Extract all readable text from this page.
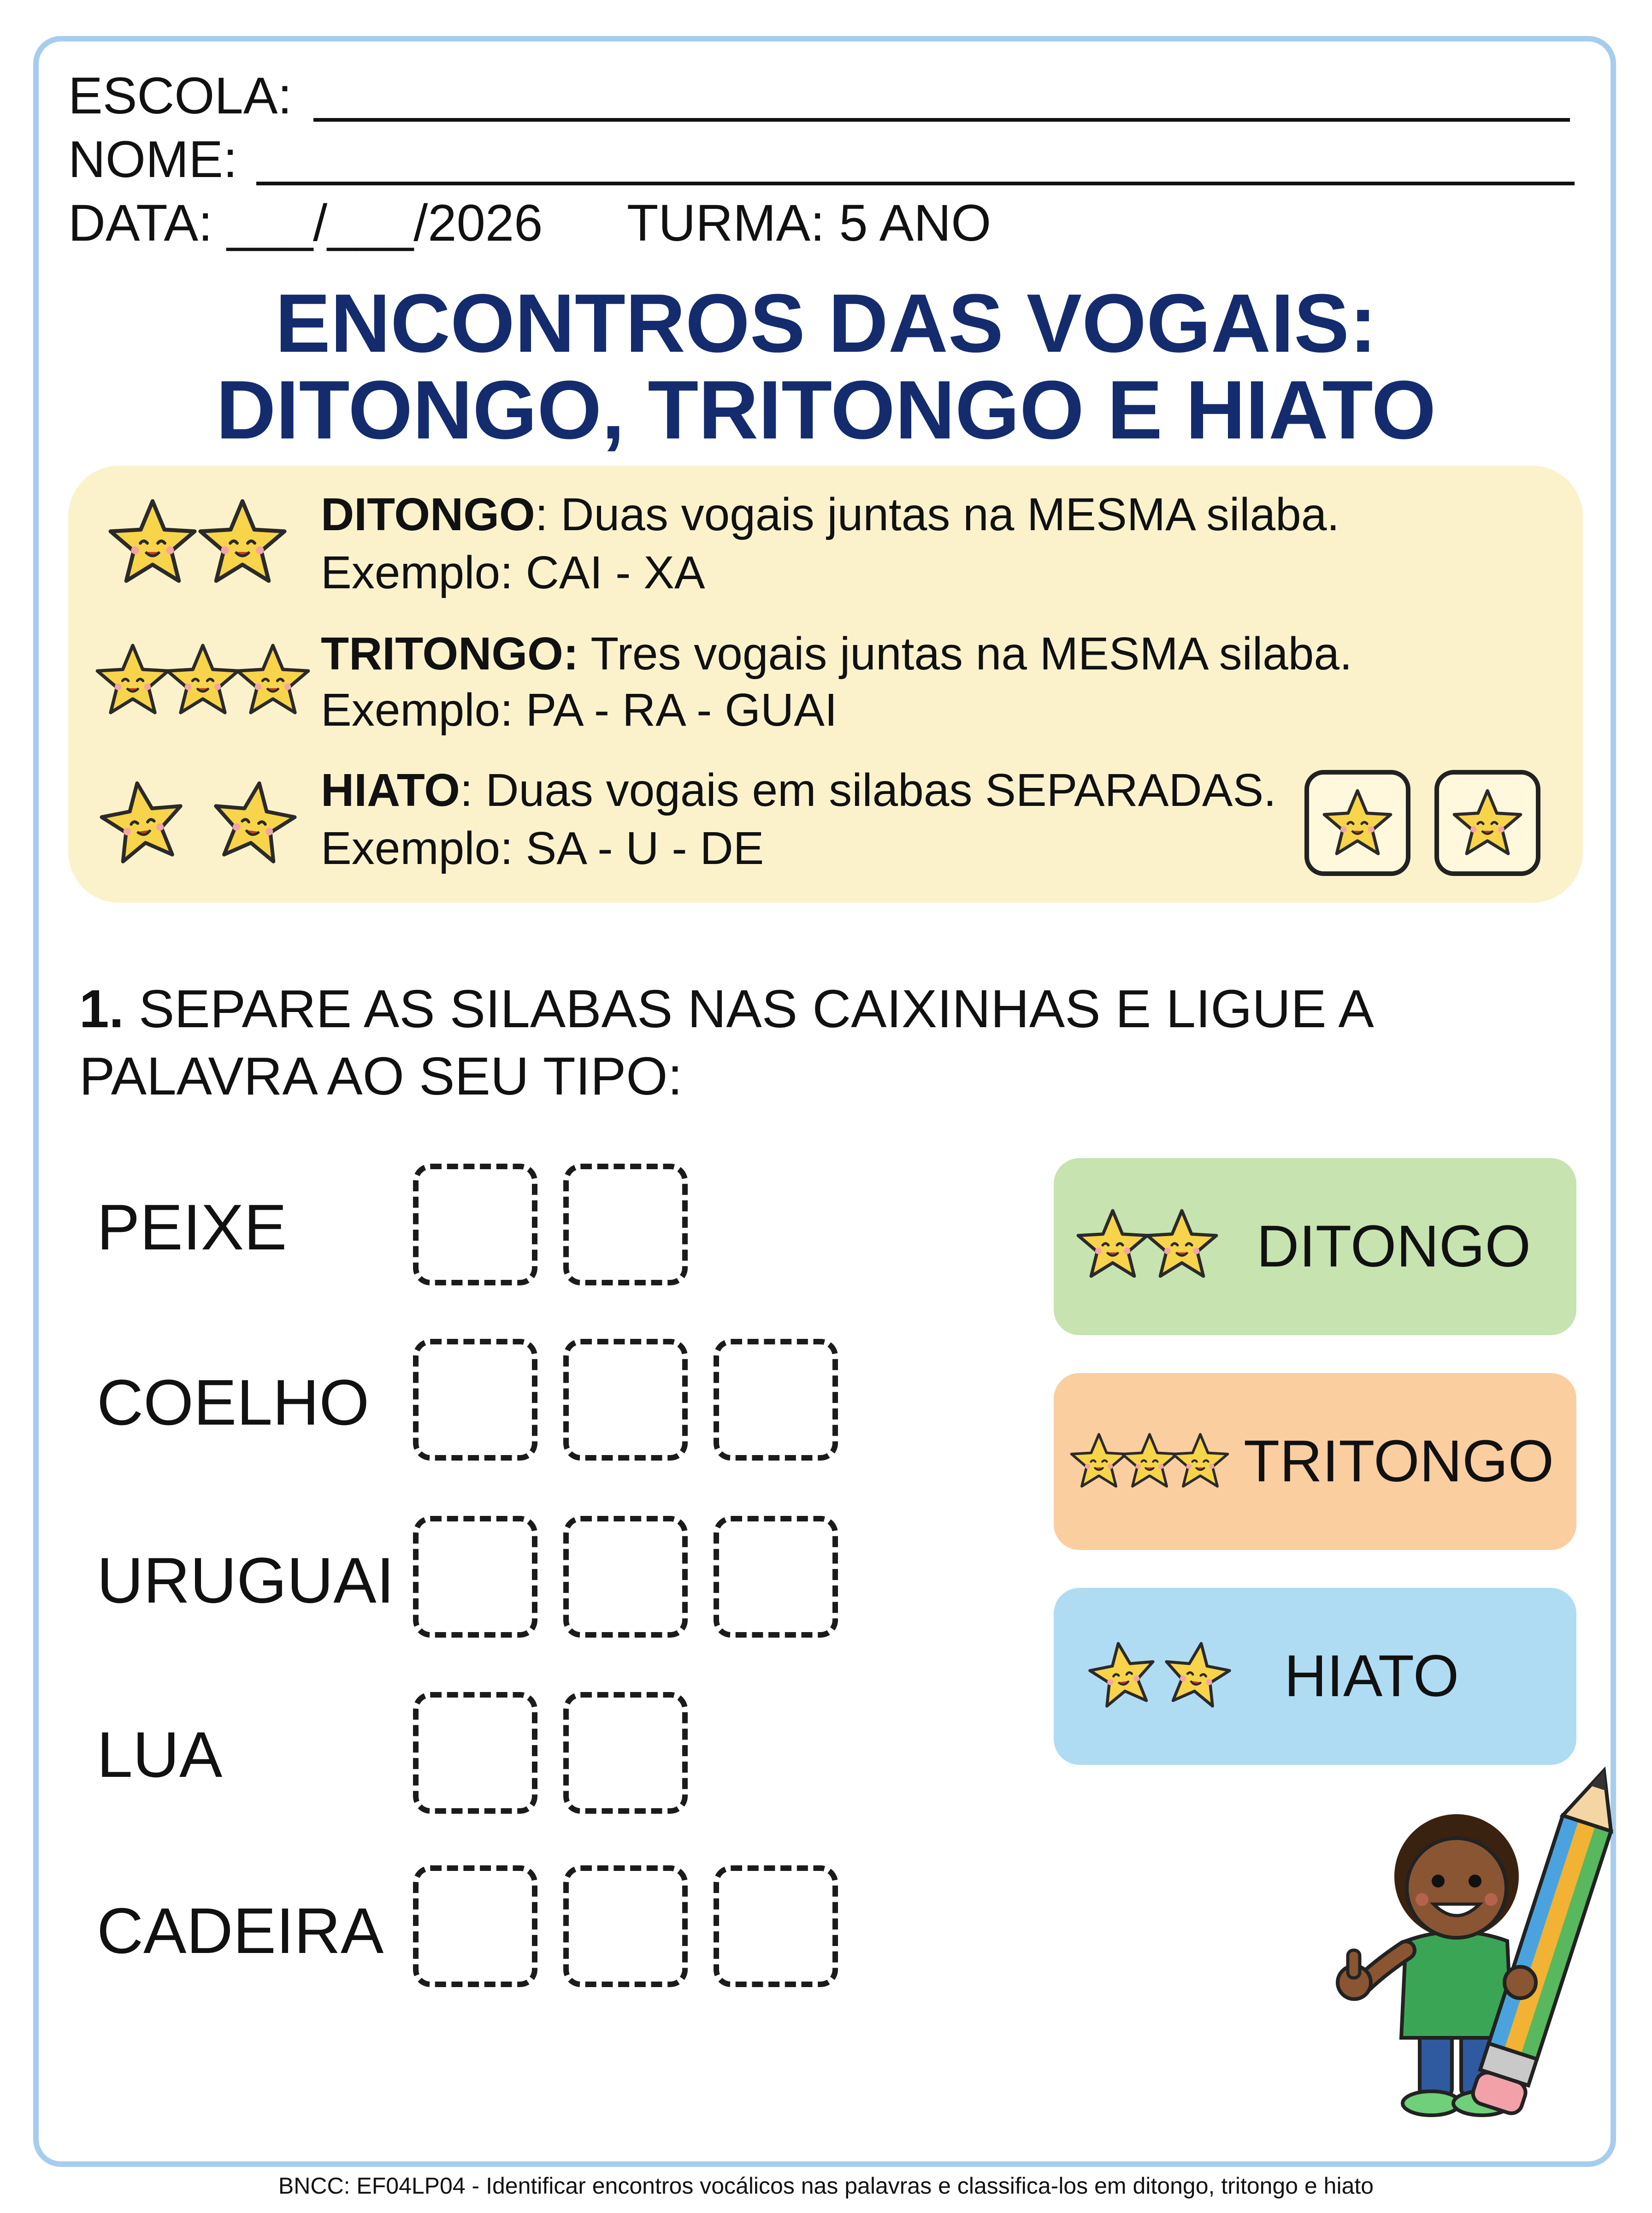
ESCOLA:
NOME:
DATA: ___/___/2026 TURMA: 5 ANO
ENCONTROS DAS VOGAIS:
DITONGO, TRITONGO E HIATO
DITONGO: Duas vogais juntas na MESMA silaba.
Exemplo: CAI - XA
TRITONGO: Tres vogais juntas na MESMA silaba.
Exemplo: PA - RA - GUAI
HIATO: Duas vogais em silabas SEPARADAS.
Exemplo: SA - U - DE
1. SEPARE AS SILABAS NAS CAIXINHAS E LIGUE A
PALAVRA AO SEU TIPO:
PEIXE
COELHO
URUGUAI
LUA
CADEIRA
DITONGO
TRITONGO
HIATO
BNCC: EF04LP04 - Identificar encontros vocálicos nas palavras e classifica-los em ditongo, tritongo e hiato
